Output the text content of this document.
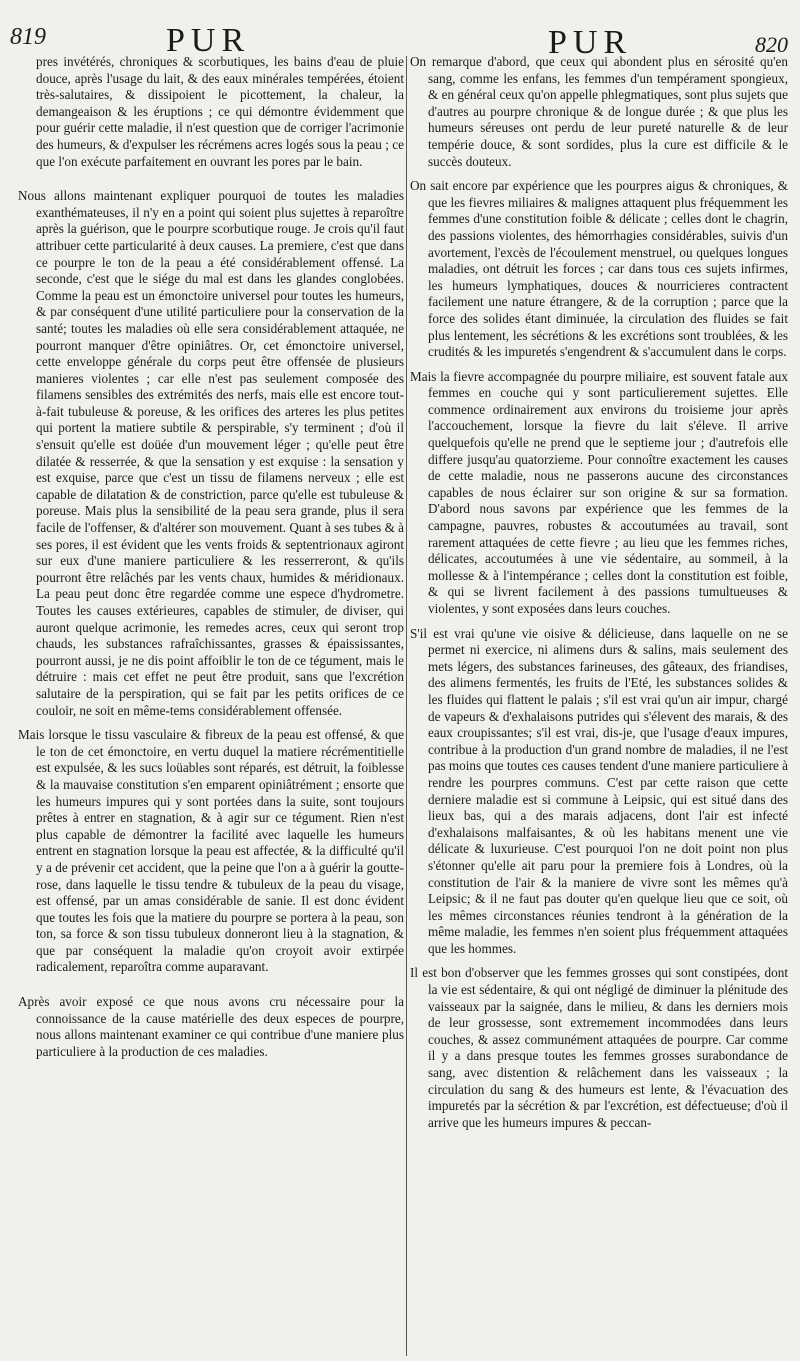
819	PUR	PUR	820

pres invétérés, chroniques & scorbutiques, les bains d'eau de pluie douce, après l'usage du lait, & des eaux minérales tempérées, étoient très-salutaires, & dissipoient le picottement, la chaleur, la demangeaison & les éruptions ; ce qui démontre évidemment que pour guérir cette maladie, il n'est question que de corriger l'acrimonie des humeurs, & d'expulser les récrémens acres logés sous la peau ; ce que l'on exécute parfaitement en ouvrant les pores par le bain.

Nous allons maintenant expliquer pourquoi de toutes les maladies exanthémateuses, il n'y en a point qui soient plus sujettes à reparoître après la guérison, que le pourpre scorbutique rouge. Je crois qu'il faut attribuer cette particularité à deux causes. La premiere, c'est que dans ce pourpre le ton de la peau a été considérablement offensé. La seconde, c'est que le siége du mal est dans les glandes conglobées. Comme la peau est un émonctoire universel pour toutes les humeurs, & par conséquent d'une utilité particuliere pour la conservation de la santé; toutes les maladies où elle sera considérablement attaquée, ne pourront manquer d'être opiniâtres. Or, cet émonctoire universel, cette enveloppe générale du corps peut être offensée de plusieurs manieres violentes ; car elle n'est pas seulement composée des filamens sensibles des extrémités des nerfs, mais elle est encore tout-à-fait tubuleuse & poreuse, & les orifices des arteres les plus petites qui portent la matiere subtile & perspirable, s'y terminent ; d'où il s'ensuit qu'elle est doüée d'un mouvement léger ; qu'elle peut être dilatée & resserrée, & que la sensation y est exquise : la sensation y est exquise, parce que c'est un tissu de filamens nerveux ; elle est capable de dilatation & de constriction, parce qu'elle est tubuleuse & poreuse. Mais plus la sensibilité de la peau sera grande, plus il sera facile de l'offenser, & d'altérer son mouvement. Quant à ses tubes & à ses pores, il est évident que les vents froids & septentrionaux agiront sur eux d'une maniere particuliere & les resserreront, & qu'ils pourront être relâchés par les vents chaux, humides & méridionaux. La peau peut donc être regardée comme une espece d'hydrometre. Toutes les causes extérieures, capables de stimuler, de diviser, qui auront quelque acrimonie, les remedes acres, ceux qui seront trop chauds, les substances rafraîchissantes, grasses & épaississantes, pourront aussi, je ne dis point affoiblir le ton de ce tégument, mais le détruire : mais cet effet ne peut être produit, sans que l'excrétion salutaire de la perspiration, qui se fait par les petits orifices de ce couloir, ne soit en même-tems considérablement offensée.

Mais lorsque le tissu vasculaire & fibreux de la peau est offensé, & que le ton de cet émonctoire, en vertu duquel la matiere récrémentitielle est expulsée, & les sucs loüables sont réparés, est détruit, la foiblesse & la mauvaise constitution s'en emparent opiniâtrément ; ensorte que les humeurs impures qui y sont portées dans la suite, sont toujours prêtes à entrer en stagnation, & à agir sur ce tégument. Rien n'est plus capable de démontrer la facilité avec laquelle les humeurs entrent en stagnation lorsque la peau est affectée, & la difficulté qu'il y a de prévenir cet accident, que la peine que l'on a à guérir la goutte-rose, dans laquelle le tissu tendre & tubuleux de la peau du visage, est offensé, par un amas considérable de sanie. Il est donc évident que toutes les fois que la matiere du pourpre se portera à la peau, son ton, sa force & son tissu tubuleux donneront lieu à la stagnation, & que par conséquent la maladie qu'on croyoit avoir extirpée radicalement, reparoîtra comme auparavant.

Après avoir exposé ce que nous avons cru nécessaire pour la connoissance de la cause matérielle des deux especes de pourpre, nous allons maintenant examiner ce qui contribue d'une maniere plus particuliere à la production de ces maladies.

On remarque d'abord, que ceux qui abondent plus en sérosité qu'en sang, comme les enfans, les femmes d'un tempérament spongieux, & en général ceux qu'on appelle phlegmatiques, sont plus sujets que d'autres au pourpre chronique & de longue durée ; & que plus les humeurs séreuses ont perdu de leur pureté naturelle & de leur tempérie douce, & sont sordides, plus la cure est difficile & le succès douteux.

On sait encore par expérience que les pourpres aigus & chroniques, & que les fievres miliaires & malignes attaquent plus fréquemment les femmes d'une constitution foible & délicate ; celles dont le chagrin, des passions violentes, des hémorrhagies considérables, suivis d'un avortement, l'excès de l'écoulement menstruel, ou quelques longues maladies, ont détruit les forces ; car dans tous ces sujets infirmes, les humeurs lymphatiques, douces & nourricieres contractent facilement une nature étrangere, & de la corruption ; parce que la force des solides étant diminuée, la circulation des fluides se fait plus lentement, les sécrétions & les excrétions sont troublées, & les crudités & les impuretés s'engendrent & s'accumulent dans le corps.

Mais la fievre accompagnée du pourpre miliaire, est souvent fatale aux femmes en couche qui y sont particulierement sujettes. Elle commence ordinairement aux environs du troisieme jour après l'accouchement, lorsque la fievre du lait s'éleve. Il arrive quelquefois qu'elle ne prend que le septieme jour ; d'autrefois elle differe jusqu'au quatorzieme. Pour connoître exactement les causes de cette maladie, nous ne passerons aucune des circonstances capables de nous éclairer sur son origine & sur sa formation. D'abord nous savons par expérience que les femmes de la campagne, pauvres, robustes & accoutumées au travail, sont rarement attaquées de cette fievre ; au lieu que les femmes riches, délicates, accoutumées à une vie sédentaire, au sommeil, à la mollesse & à l'intempérance ; celles dont la constitution est foible, & qui se livrent facilement à des passions tumultueuses & violentes, y sont exposées dans leurs couches.

S'il est vrai qu'une vie oisive & délicieuse, dans laquelle on ne se permet ni exercice, ni alimens durs & salins, mais seulement des mets légers, des substances farineuses, des gâteaux, des friandises, des alimens fermentés, les fruits de l'Eté, les substances solides & les fluides qui flattent le palais ; s'il est vrai qu'un air impur, chargé de vapeurs & d'exhalaisons putrides qui s'élevent des marais, & des eaux croupissantes; s'il est vrai, dis-je, que l'usage d'eaux impures, contribue à la production d'un grand nombre de maladies, il ne l'est pas moins que toutes ces causes tendent d'une maniere particuliere à rendre les pourpres communs. C'est par cette raison que cette derniere maladie est si commune à Leipsic, qui est situé dans des lieux bas, qui a des marais adjacens, dont l'air est infecté d'exhalaisons malfaisantes, & où les habitans menent une vie délicate & luxurieuse. C'est pourquoi l'on ne doit point non plus s'étonner qu'elle ait paru pour la premiere fois à Londres, où la constitution de l'air & la maniere de vivre sont les mêmes qu'à Leipsic; & il ne faut pas douter qu'en quelque lieu que ce soit, où les mêmes circonstances réunies tendront à la génération de la même maladie, les femmes n'en soient plus fréquemment attaquées que les hommes.

Il est bon d'observer que les femmes grosses qui sont constipées, dont la vie est sédentaire, & qui ont négligé de diminuer la plénitude des vaisseaux par la saignée, dans le milieu, & dans les derniers mois de leur grossesse, sont extremement incommodées dans leurs couches, & assez communément attaquées de pourpre. Car comme il y a dans presque toutes les femmes grosses surabondance de sang, avec distention & relâchement dans les vaisseaux ; la circulation du sang & des humeurs est lente, & l'évacuation des impuretés par la sécrétion & par l'excrétion, est défectueuse; d'où il arrive que les humeurs impures & peccan-
